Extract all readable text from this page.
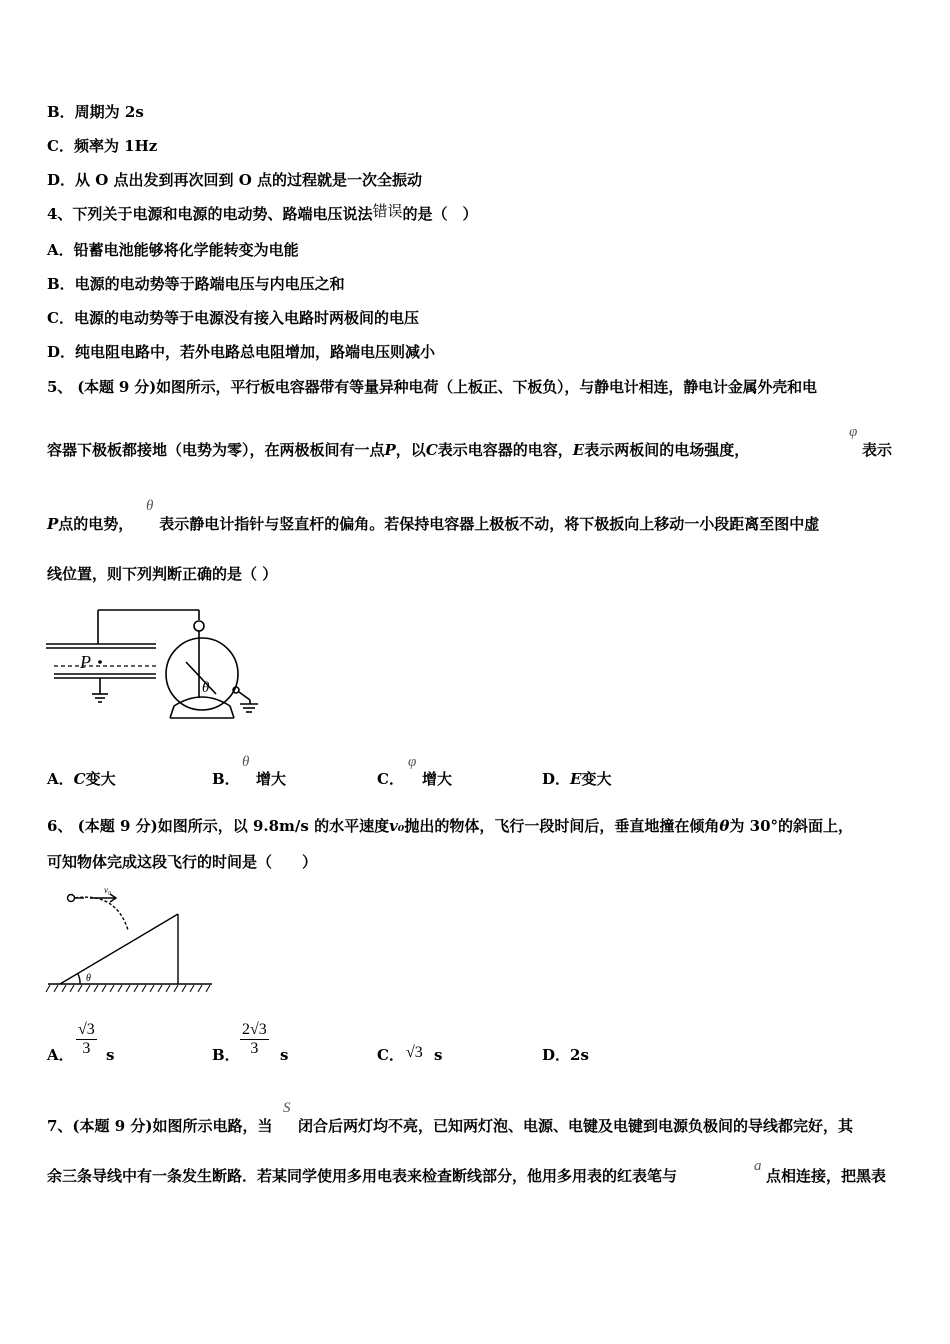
B．周期为 2s
C．频率为 1Hz
D．从 O 点出发到再次回到 O 点的过程就是一次全振动
4、下列关于电源和电源的电动势、路端电压说法错误的是（　）
A．铅蓄电池能够将化学能转变为电能
B．电源的电动势等于路端电压与内电压之和
C．电源的电动势等于电源没有接入电路时两极间的电压
D．纯电阻电路中，若外电路总电阻增加，路端电压则减小
5、 (本题 9 分)如图所示，平行板电容器带有等量异种电荷（上板正、下板负），与静电计相连，静电计金属外壳和电
容器下极板都接地（电势为零），在两极板间有一点P，以C表示电容器的电容，E表示两板间的电场强度，
φ
表示
P点的电势， 表示静电计指针与竖直杆的偏角。若保持电容器上极板不动，将下极扳向上移动一小段距离至图中虚
θ
线位置，则下列判断正确的是（ ）
P
θ
A．C变大	B．
θ
增大	C．
φ
增大	D．E变大
6、 (本题 9 分)如图所示，以 9.8m/s 的水平速度v₀抛出的物体，飞行一段时间后，垂直地撞在倾角θ为 30°的斜面上，
可知物体完成这段飞行的时间是（　　）
v₀
θ
A． $\frac{√3}{3}$ s	B． $\frac{2√3}{3}$ s	C． √3 s	D．2s
7、(本题 9 分)如图所示电路，当
S
闭合后两灯均不亮，已知两灯泡、电源、电键及电键到电源负极间的导线都完好，其
余三条导线中有一条发生断路．若某同学使用多用电表来检查断线部分，他用多用表的红表笔与
a
点相连接，把黑表
